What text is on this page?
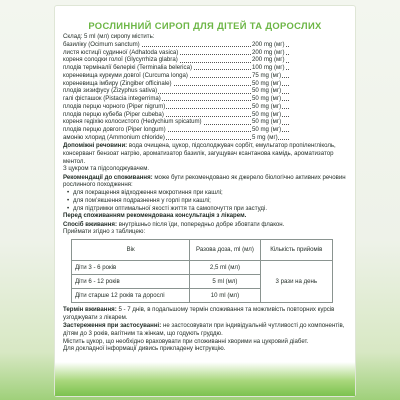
РОСЛИННИЙ СИРОП ДЛЯ ДІТЕЙ ТА ДОРОСЛИХ
Склад: 5 ml (мл) сиропу містить:
базиліку (Ocimum sanctum)	200 mg (мг)
листя юстиції судинної (Adhatoda vasica)	200 mg (мг)
кореня солодки голої (Glycyrrhiza glabra)	200 mg (мг)
плодів терміналії белерікі (Terminalia belerica)	100 mg (мг)
кореневища куркуми довгої (Curcuma longa)	75 mg (мг)
кореневища імбиру (Zingiber officinale)	50 mg (мг)
плодів зизифусу (Zizyphus sativa)	50 mg (мг)
галі фісташок (Pistacia integerrima)	50 mg (мг)
плодів перцю чорного (Piper nigrum)	50 mg (мг)
плодів перцю кубеба (Piper cubeba)	50 mg (мг)
кореня гедіхію колосистого (Hedychium spicatum)	50 mg (мг)
плодів перцю довгого (Piper longum)	50 mg (мг)
амонію хлорид (Ammonium chloride)	5 mg (мг)

Допоміжні речовини: вода очищена, цукор, підсолоджувач сорбіт, емульгатор пропіленгліколь, консервант бензоат натрію, ароматизатор базилік, загущувач ксантанова камідь, ароматизатор ментол.

З цукром та підсолоджувачем.

Рекомендації до споживання: може бути рекомендовано як джерело біологічно активних речовин рослинного походження:

• для покращення відходження мокротиння при кашлі;
• для пом’якшення подразнення у горлі при кашлі;
• для підтримки оптимальної якості життя та самопочуття при застуді.

Перед споживанням рекомендована консультація з лікарем.

Спосіб вживання: внутрішньо після їди, попередньо добре збовтати флакон.

Приймати згідно з таблицею:

Вік	Разова доза, ml (мл)	Кількість прийомів
Діти 3 - 6 років	2,5 ml (мл)	3 рази на день
Діти 6 - 12 років	5 ml (мл)	
Діти старше 12 років та дорослі	10 ml (мл)	

Термін вживання: 5 - 7 днів, в подальшому термін споживання та можливість повторних курсів узгоджувати з лікарем.

Застереження при застосуванні: не застосовувати при індивідуальній чутливості до компонентів, дітям до 3 років, вагітним та жінкам, що годують груддю.

Містить цукор, що необхідно враховувати при споживанні хворими на цукровий діабет.

Для докладної інформації дивись прикладену інструкцію.
